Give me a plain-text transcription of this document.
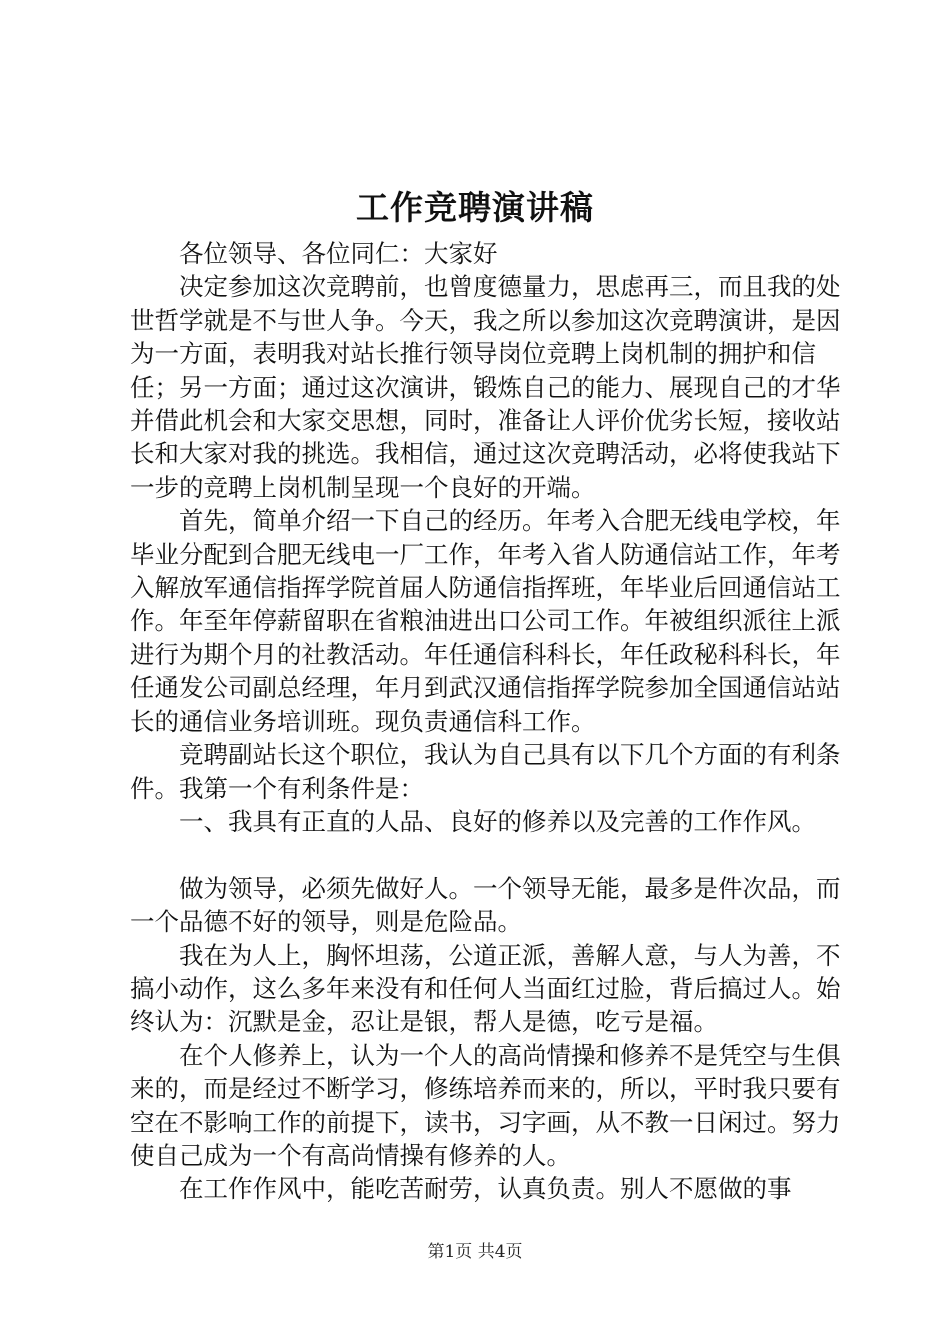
工作竞聘演讲稿

各位领导、各位同仁：大家好

决定参加这次竞聘前，也曾度德量力，思虑再三，而且我的处世哲学就是不与世人争。今天，我之所以参加这次竞聘演讲，是因为一方面，表明我对站长推行领导岗位竞聘上岗机制的拥护和信任；另一方面；通过这次演讲，锻炼自己的能力、展现自己的才华并借此机会和大家交思想，同时，准备让人评价优劣长短，接收站长和大家对我的挑选。我相信，通过这次竞聘活动，必将使我站下一步的竞聘上岗机制呈现一个良好的开端。

首先，简单介绍一下自己的经历。年考入合肥无线电学校，年毕业分配到合肥无线电一厂工作，年考入省人防通信站工作，年考入解放军通信指挥学院首届人防通信指挥班，年毕业后回通信站工作。年至年停薪留职在省粮油进出口公司工作。年被组织派往上派进行为期个月的社教活动。年任通信科科长，年任政秘科科长，年任通发公司副总经理，年月到武汉通信指挥学院参加全国通信站站长的通信业务培训班。现负责通信科工作。

竞聘副站长这个职位，我认为自己具有以下几个方面的有利条件。我第一个有利条件是：

一、我具有正直的人品、良好的修养以及完善的工作作风。

做为领导，必须先做好人。一个领导无能，最多是件次品，而一个品德不好的领导，则是危险品。

我在为人上，胸怀坦荡，公道正派，善解人意，与人为善，不搞小动作，这么多年来没有和任何人当面红过脸，背后搞过人。始终认为：沉默是金，忍让是银，帮人是德，吃亏是福。

在个人修养上，认为一个人的高尚情操和修养不是凭空与生俱来的，而是经过不断学习，修练培养而来的，所以，平时我只要有空在不影响工作的前提下，读书，习字画，从不教一日闲过。努力使自己成为一个有高尚情操有修养的人。

在工作作风中，能吃苦耐劳，认真负责。别人不愿做的事

第1页 共4页
